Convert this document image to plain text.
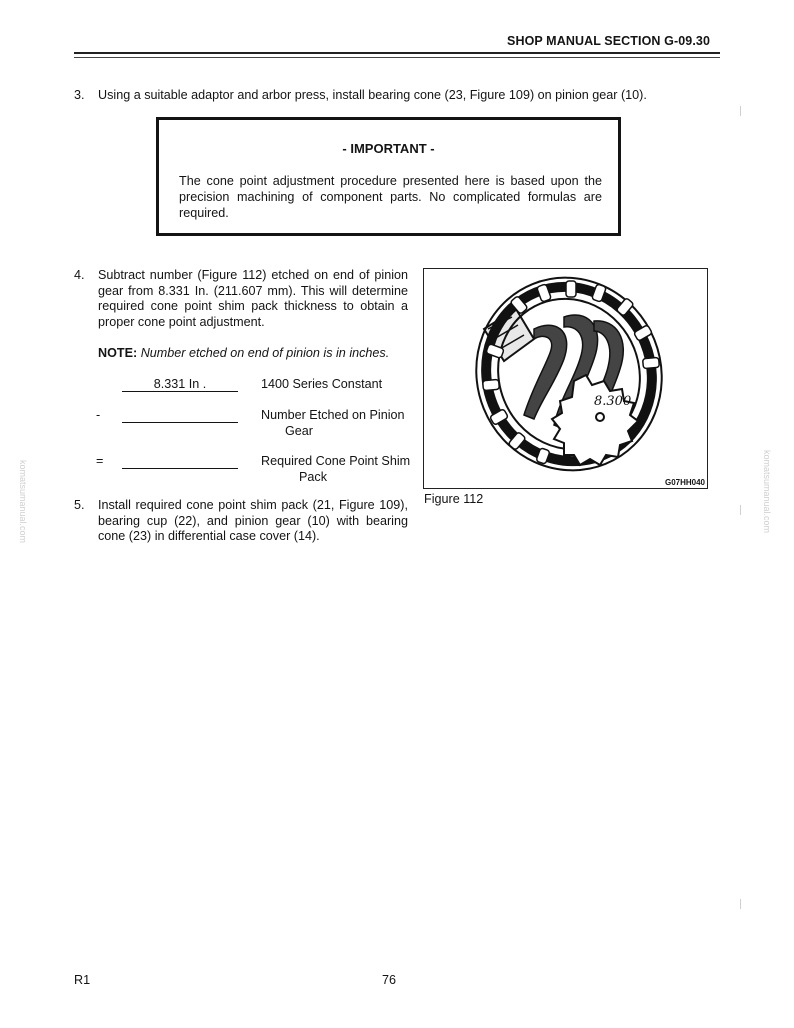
SHOP MANUAL SECTION G-09.30
3. Using a suitable adaptor and arbor press, install bearing cone (23, Figure 109) on pinion gear (10).
- IMPORTANT -
The cone point adjustment procedure presented here is based upon the precision machining of component parts. No complicated formulas are required.
4. Subtract number (Figure 112) etched on end of pinion gear from 8.331 In. (211.607 mm). This will determine required cone point shim pack thickness to obtain a proper cone point adjustment.
NOTE: Number etched on end of pinion is in inches.
8.331 In .	1400 Series Constant
-	Number Etched on Pinion
Gear
=	Required Cone Point Shim
Pack
5. Install required cone point shim pack (21, Figure 109), bearing cup (22), and pinion gear (10) with bearing cone (23) in differential case cover (14).
8.300
G07HH040
Figure 112
komatsumanual.com	komatsumanual.com
R1	76
